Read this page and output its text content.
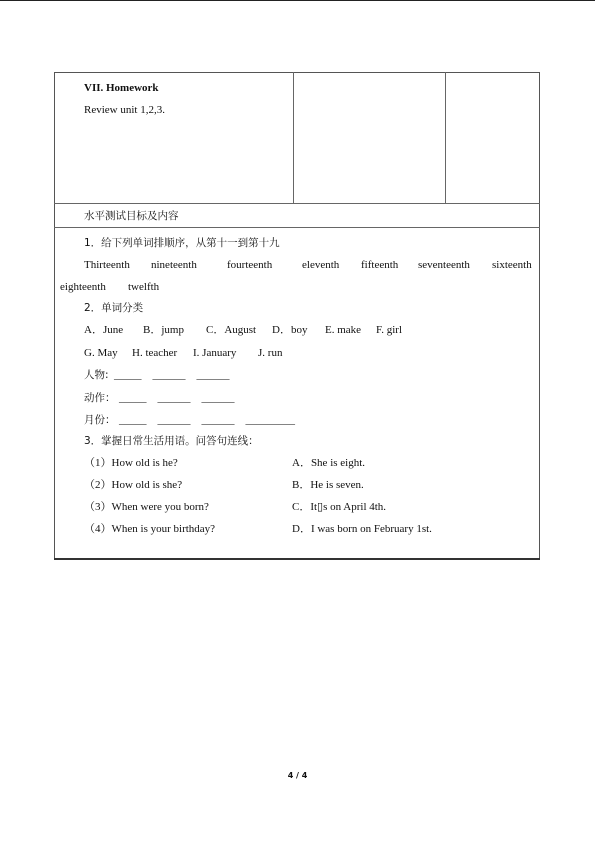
VII. Homework
Review unit 1,2,3.
水平测试目标及内容
1．给下列单词排顺序，从第十一到第十九
Thirteenth nineteenth	fourteenth	eleventh fifteenth seventeenth sixteenth
eighteenth twelfth
2．单词分类
A．June B．jump C．August D．boy E. make F. girl
G. May H. teacher I. January J. run
人物: _____    ______    ______
动作： _____    ______    ______
月份： _____    ______    ______    _________
3．掌握日常生活用语。问答句连线：
（1）How old is he?
（2）How old is she?
（3）When were you born?
（4）When is your birthday?
A．She is eight.
B．He is seven.
C．It▯s on April 4th.
D．I was born on February 1st.
4 / 4
